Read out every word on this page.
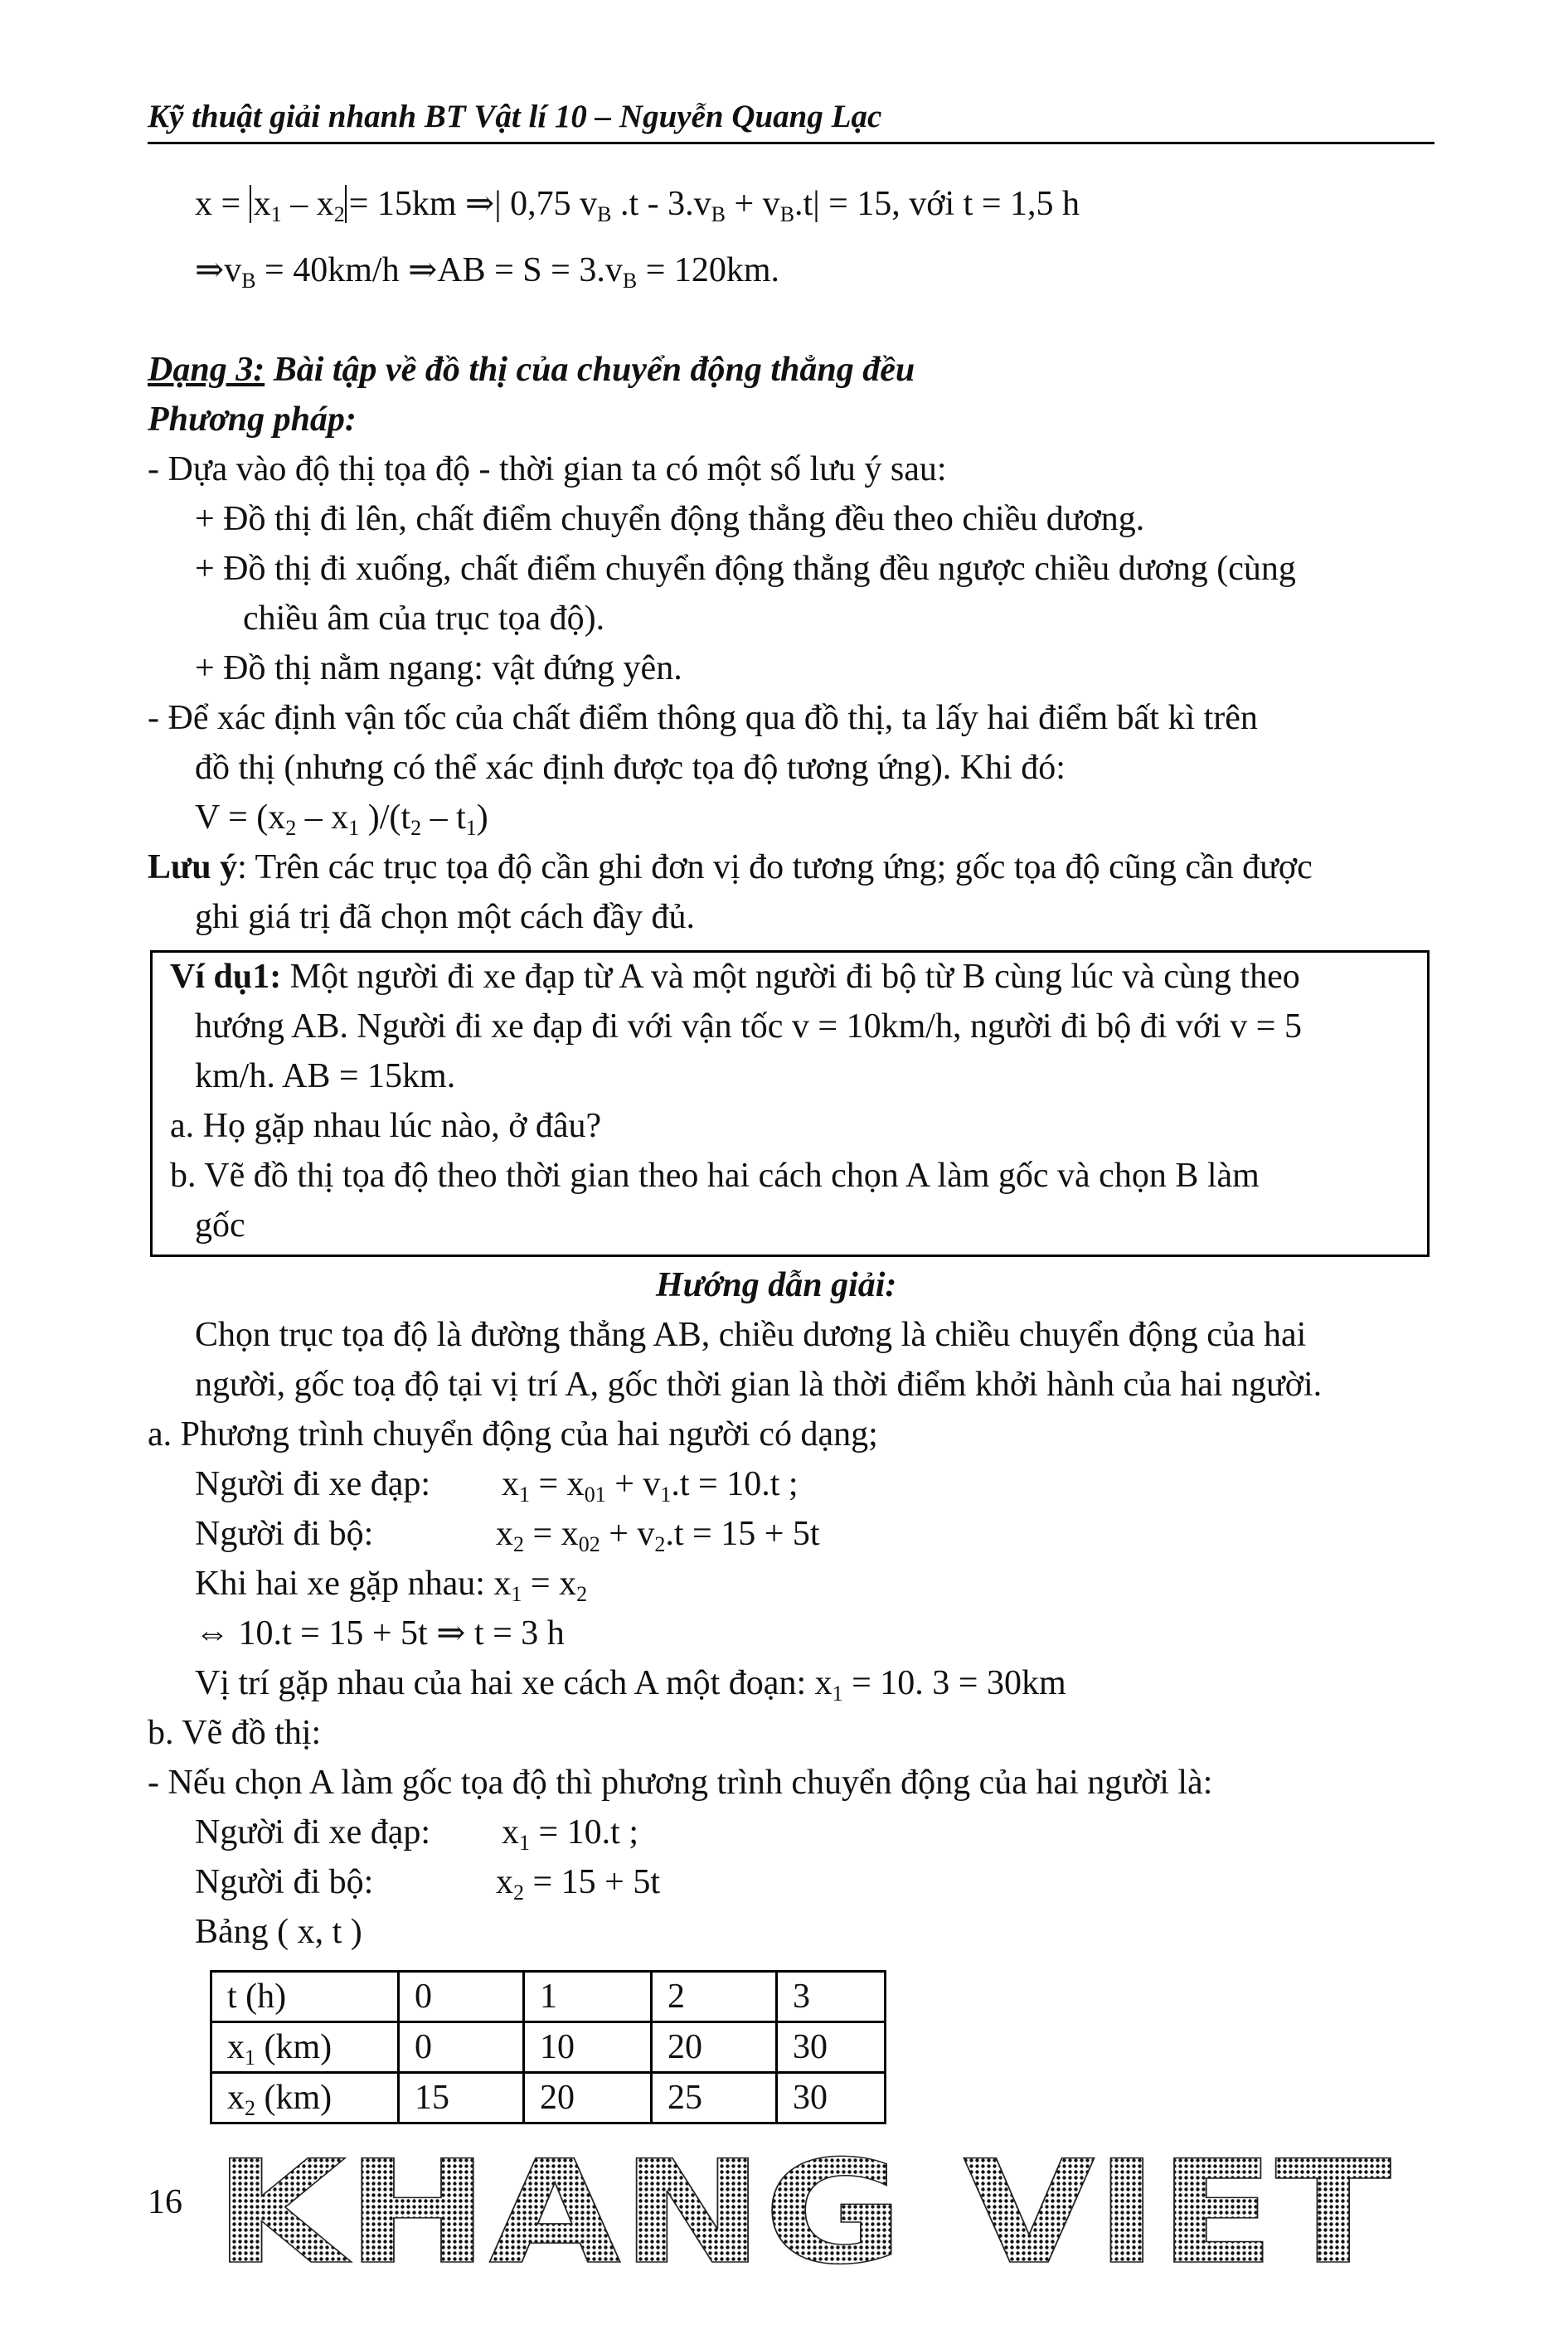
Kỹ thuật giải nhanh BT Vật lí 10 – Nguyễn Quang Lạc
$x = x_1 - x_2 = 15km$ ⇒| 0,75 $v_B$ $.t - 3.v_B + v_B.t| = 15$, với t = 1,5 h
$\Rightarrow v_B = 40km/h$ ⇒AB = $S = 3.v_B = 120km$.
Dạng 3: Bài tập về đồ thị của chuyển động thẳng đều
Phương pháp:
- Dựa vào độ thị tọa độ - thời gian ta có một số lưu ý sau:
+ Đồ thị đi lên, chất điểm chuyển động thẳng đều theo chiều dương.
+ Đồ thị đi xuống, chất điểm chuyển động thẳng đều ngược chiều dương (cùng
chiều âm của trục tọa độ).
+ Đồ thị nằm ngang: vật đứng yên.
- Để xác định vận tốc của chất điểm thông qua đồ thị, ta lấy hai điểm bất kì trên
đồ thị (nhưng có thể xác định được tọa độ tương ứng). Khi đó:
$V = (x_2 - x_1$ )$/(t_2 - t_1)$
Lưu ý: Trên các trục tọa độ cần ghi đơn vị đo tương ứng; gốc tọa độ cũng cần được
ghi giá trị đã chọn một cách đầy đủ.
Ví dụ1: Một người đi xe đạp từ A và một người đi bộ từ B cùng lúc và cùng theo
hướng AB. Người đi xe đạp đi với vận tốc v = 10km/h, người đi bộ đi với v = 5
km/h. AB = 15km.
a. Họ gặp nhau lúc nào, ở đâu?
b. Vẽ đồ thị tọa độ theo thời gian theo hai cách chọn A làm gốc và chọn B làm
gốc
Hướng dẫn giải:
Chọn trục tọa độ là đường thẳng AB, chiều dương là chiều chuyển động của hai
người, gốc toạ độ tại vị trí A, gốc thời gian là thời điểm khởi hành của hai người.
a. Phương trình chuyển động của hai người có dạng;
Người đi xe đạp: $x_1 = x_{01} + v_1.t = 10.t$ ;
Người đi bộ:	$x_2 = x_{02} + v_2.t = 15 + 5t$
Khi hai xe gặp nhau: $x_1 = x_2$
⇔ 10.t = 15 + 5t ⇒ t = 3 h
Vị trí gặp nhau của hai xe cách A một đoạn: $x_1 = 10$. 3 = 30km
b. Vẽ đồ thị:
- Nếu chọn A làm gốc tọa độ thì phương trình chuyển động của hai người là:
Người đi xe đạp: $x_1 = 10.t$ ;
Người đi bộ:	$x_2 = 15 + 5t$
Bảng ( x, t )
t (h)	0	1	2	3
$x_1$ (km)	0	10	20	30
$x_2$ (km)	15	20	25	30
16 KHANG VIET
